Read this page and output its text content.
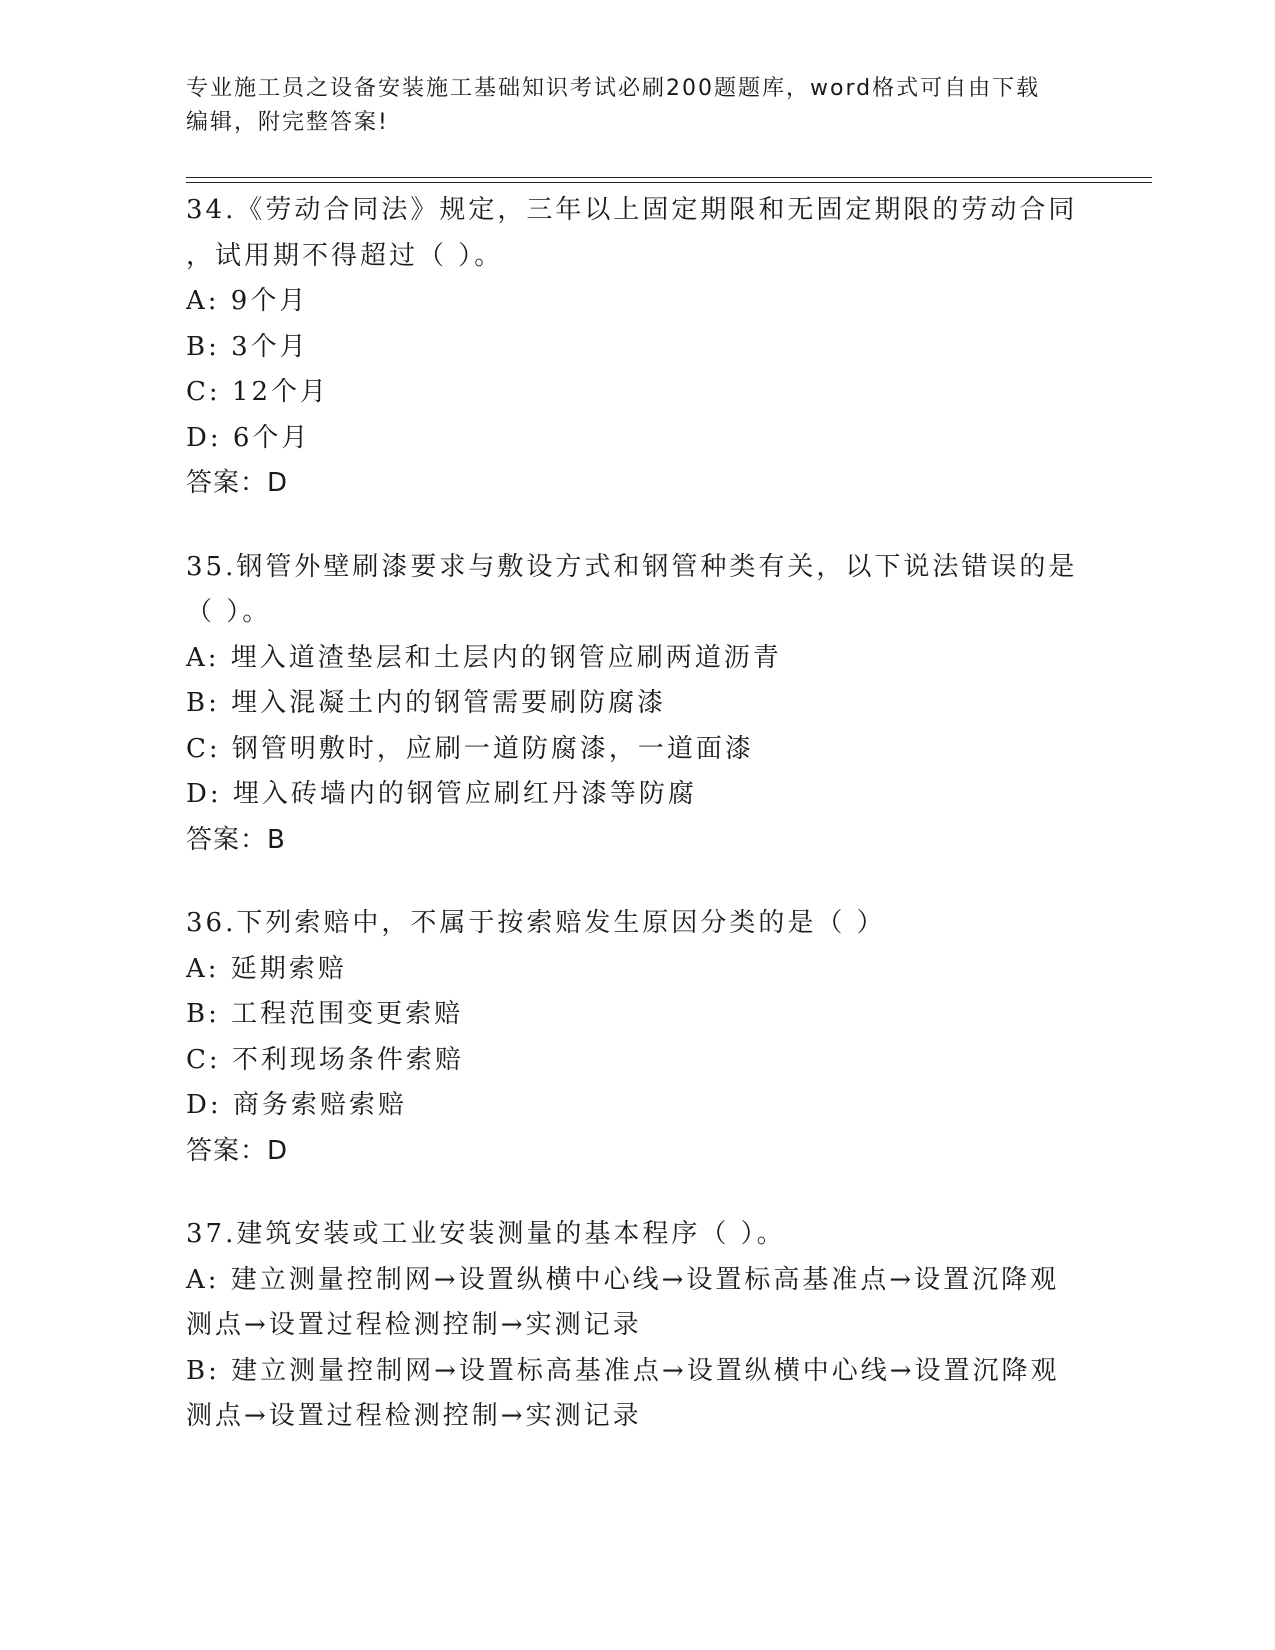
专业施工员之设备安装施工基础知识考试必刷200题题库，word格式可自由下载
编辑，附完整答案!
34.《劳动合同法》规定，三年以上固定期限和无固定期限的劳动合同
，试用期不得超过（ ）。
A: 9个月
B: 3个月
C: 12个月
D: 6个月
答案：D
35.钢管外壁刷漆要求与敷设方式和钢管种类有关，以下说法错误的是
（ ）。
A: 埋入道渣垫层和土层内的钢管应刷两道沥青
B: 埋入混凝土内的钢管需要刷防腐漆
C: 钢管明敷时，应刷一道防腐漆，一道面漆
D: 埋入砖墙内的钢管应刷红丹漆等防腐
答案：B
36.下列索赔中，不属于按索赔发生原因分类的是（ ）
A: 延期索赔
B: 工程范围变更索赔
C: 不利现场条件索赔
D: 商务索赔索赔
答案：D
37.建筑安装或工业安装测量的基本程序（ ）。
A: 建立测量控制网→设置纵横中心线→设置标高基准点→设置沉降观
测点→设置过程检测控制→实测记录
B: 建立测量控制网→设置标高基准点→设置纵横中心线→设置沉降观
测点→设置过程检测控制→实测记录
